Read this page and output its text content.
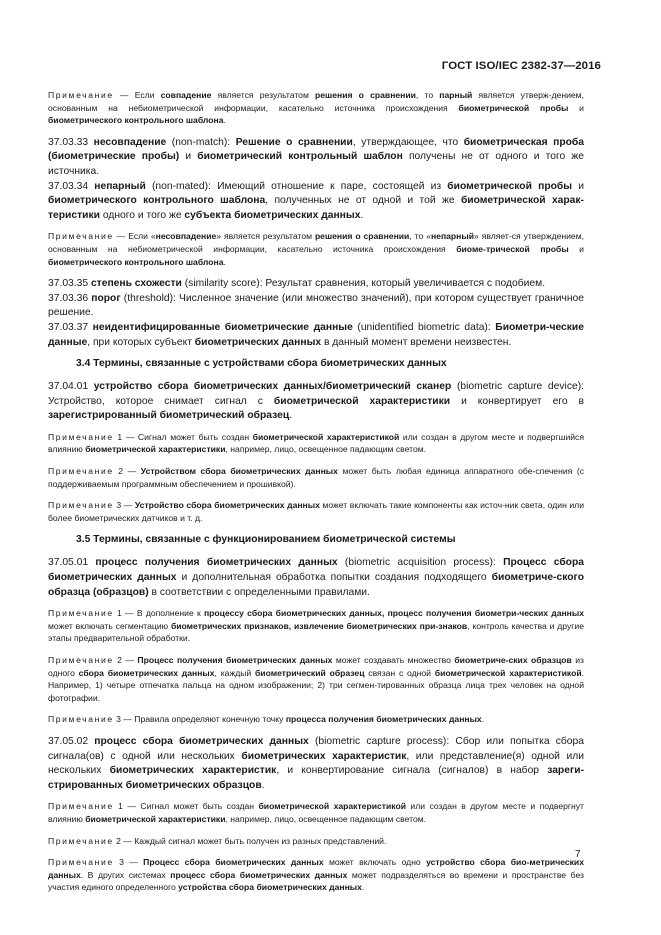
ГОСТ ISO/IEC 2382-37—2016

Примечание — Если совпадение является результатом решения о сравнении, то парный является утверж-дением, основанным на небиометрической информации, касательно источника происхождения биометрической пробы и биометрического контрольного шаблона.

37.03.33 несовпадение (non-match): Решение о сравнении, утверждающее, что биометрическая проба (биометрические пробы) и биометрический контрольный шаблон получены не от одного и того же источника.

37.03.34 непарный (non-mated): Имеющий отношение к паре, состоящей из биометрической пробы и биометрического контрольного шаблона, полученных не от одной и той же биометрической харак-теристики одного и того же субъекта биометрических данных.

Примечание — Если «несовпадение» является результатом решения о сравнении, то «непарный» являет-ся утверждением, основанным на небиометрической информации, касательно источника происхождения биоме-трической пробы и биометрического контрольного шаблона.

37.03.35 степень схожести (similarity score): Результат сравнения, который увеличивается с подобием.

37.03.36 порог (threshold): Численное значение (или множество значений), при котором существует граничное решение.

37.03.37 неидентифицированные биометрические данные (unidentified biometric data): Биометри-ческие данные, при которых субъект биометрических данных в данный момент времени неизвестен.

3.4 Термины, связанные с устройствами сбора биометрических данных

37.04.01 устройство сбора биометрических данных/биометрический сканер (biometric capture device): Устройство, которое снимает сигнал с биометрической характеристики и конвертирует его в зарегистрированный биометрический образец.

Примечание 1 — Сигнал может быть создан биометрической характеристикой или создан в другом месте и подвергшийся влиянию биометрической характеристики, например, лицо, освещенное падающим светом.

Примечание 2 — Устройством сбора биометрических данных может быть любая единица аппаратного обе-спечения (с поддерживаемым программным обеспечением и прошивкой).

Примечание 3 — Устройство сбора биометрических данных может включать такие компоненты как источ-ник света, один или более биометрических датчиков и т. д.

3.5 Термины, связанные с функционированием биометрической системы

37.05.01 процесс получения биометрических данных (biometric acquisition process): Процесс сбора биометрических данных и дополнительная обработка попытки создания подходящего биометриче-ского образца (образцов) в соответствии с определенными правилами.

Примечание 1 — В дополнение к процессу сбора биометрических данных, процесс получения биометри-ческих данных может включать сегментацию биометрических признаков, извлечение биометрических при-знаков, контроль качества и другие этапы предварительной обработки.

Примечание 2 — Процесс получения биометрических данных может создавать множество биометриче-ских образцов из одного сбора биометрических данных, каждый биометрический образец связан с одной биометрической характеристикой. Например, 1) четыре отпечатка пальца на одном изображении; 2) три сегмен-тированных образца лица трех человек на одной фотографии.

Примечание 3 — Правила определяют конечную точку процесса получения биометрических данных.

37.05.02 процесс сбора биометрических данных (biometric capture process): Сбор или попытка сбора сигнала(ов) с одной или нескольких биометрических характеристик, или представление(я) одной или нескольких биометрических характеристик, и конвертирование сигнала (сигналов) в набор зареги-стрированных биометрических образцов.

Примечание 1 — Сигнал может быть создан биометрической характеристикой или создан в другом месте и подвергнут влиянию биометрической характеристики, например, лицо, освещенное падающим светом.

Примечание 2 — Каждый сигнал может быть получен из разных представлений.

Примечание 3 — Процесс сбора биометрических данных может включать одно устройство сбора био-метрических данных. В других системах процесс сбора биометрических данных может подразделяться во времени и пространстве без участия единого определенного устройства сбора биометрических данных.

7
